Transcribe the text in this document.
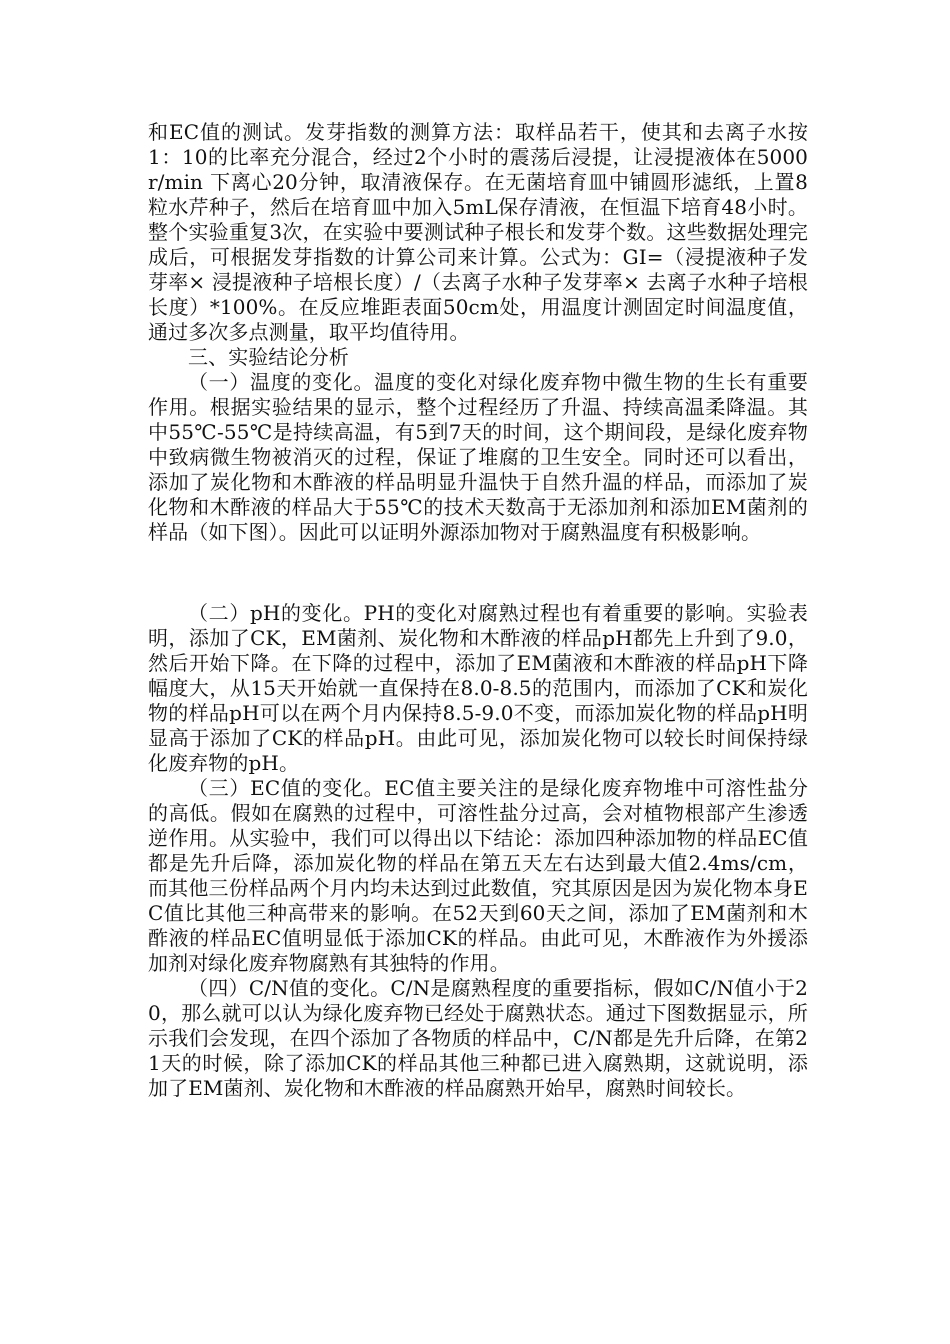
和EC值的测试。发芽指数的测算方法：取样品若干，使其和去离子水按1：10的比率充分混合，经过2个小时的震荡后浸提，让浸提液体在5000r/min 下离心20分钟，取清液保存。在无菌培育皿中铺圆形滤纸，上置8粒水芹种子，然后在培育皿中加入5mL保存清液，在恒温下培育48小时。整个实验重复3次，在实验中要测试种子根长和发芽个数。这些数据处理完成后，可根据发芽指数的计算公司来计算。公式为：GI=（浸提液种子发芽率× 浸提液种子培根长度）/（去离子水种子发芽率× 去离子水种子培根长度）*100%。在反应堆距表面50cm处，用温度计测固定时间温度值，通过多次多点测量，取平均值待用。

三、实验结论分析

（一）温度的变化。温度的变化对绿化废弃物中微生物的生长有重要作用。根据实验结果的显示，整个过程经历了升温、持续高温柔降温。其中55℃-55℃是持续高温，有5到7天的时间，这个期间段，是绿化废弃物中致病微生物被消灭的过程，保证了堆腐的卫生安全。同时还可以看出，添加了炭化物和木酢液的样品明显升温快于自然升温的样品，而添加了炭化物和木酢液的样品大于55℃的技术天数高于无添加剂和添加EM菌剂的样品（如下图）。因此可以证明外源添加物对于腐熟温度有积极影响。

（二）pH的变化。PH的变化对腐熟过程也有着重要的影响。实验表明，添加了CK，EM菌剂、炭化物和木酢液的样品pH都先上升到了9.0，然后开始下降。在下降的过程中，添加了EM菌液和木酢液的样品pH下降幅度大，从15天开始就一直保持在8.0-8.5的范围内，而添加了CK和炭化物的样品pH可以在两个月内保持8.5-9.0不变，而添加炭化物的样品pH明显高于添加了CK的样品pH。由此可见，添加炭化物可以较长时间保持绿化废弃物的pH。

（三）EC值的变化。EC值主要关注的是绿化废弃物堆中可溶性盐分的高低。假如在腐熟的过程中，可溶性盐分过高，会对植物根部产生渗透逆作用。从实验中，我们可以得出以下结论：添加四种添加物的样品EC值都是先升后降，添加炭化物的样品在第五天左右达到最大值2.4ms/cm，而其他三份样品两个月内均未达到过此数值，究其原因是因为炭化物本身EC值比其他三种高带来的影响。在52天到60天之间，添加了EM菌剂和木酢液的样品EC值明显低于添加CK的样品。由此可见，木酢液作为外援添加剂对绿化废弃物腐熟有其独特的作用。

（四）C/N值的变化。C/N是腐熟程度的重要指标，假如C/N值小于20，那么就可以认为绿化废弃物已经处于腐熟状态。通过下图数据显示，所示我们会发现，在四个添加了各物质的样品中，C/N都是先升后降，在第21天的时候，除了添加CK的样品其他三种都已进入腐熟期，这就说明，添加了EM菌剂、炭化物和木酢液的样品腐熟开始早，腐熟时间较长。
